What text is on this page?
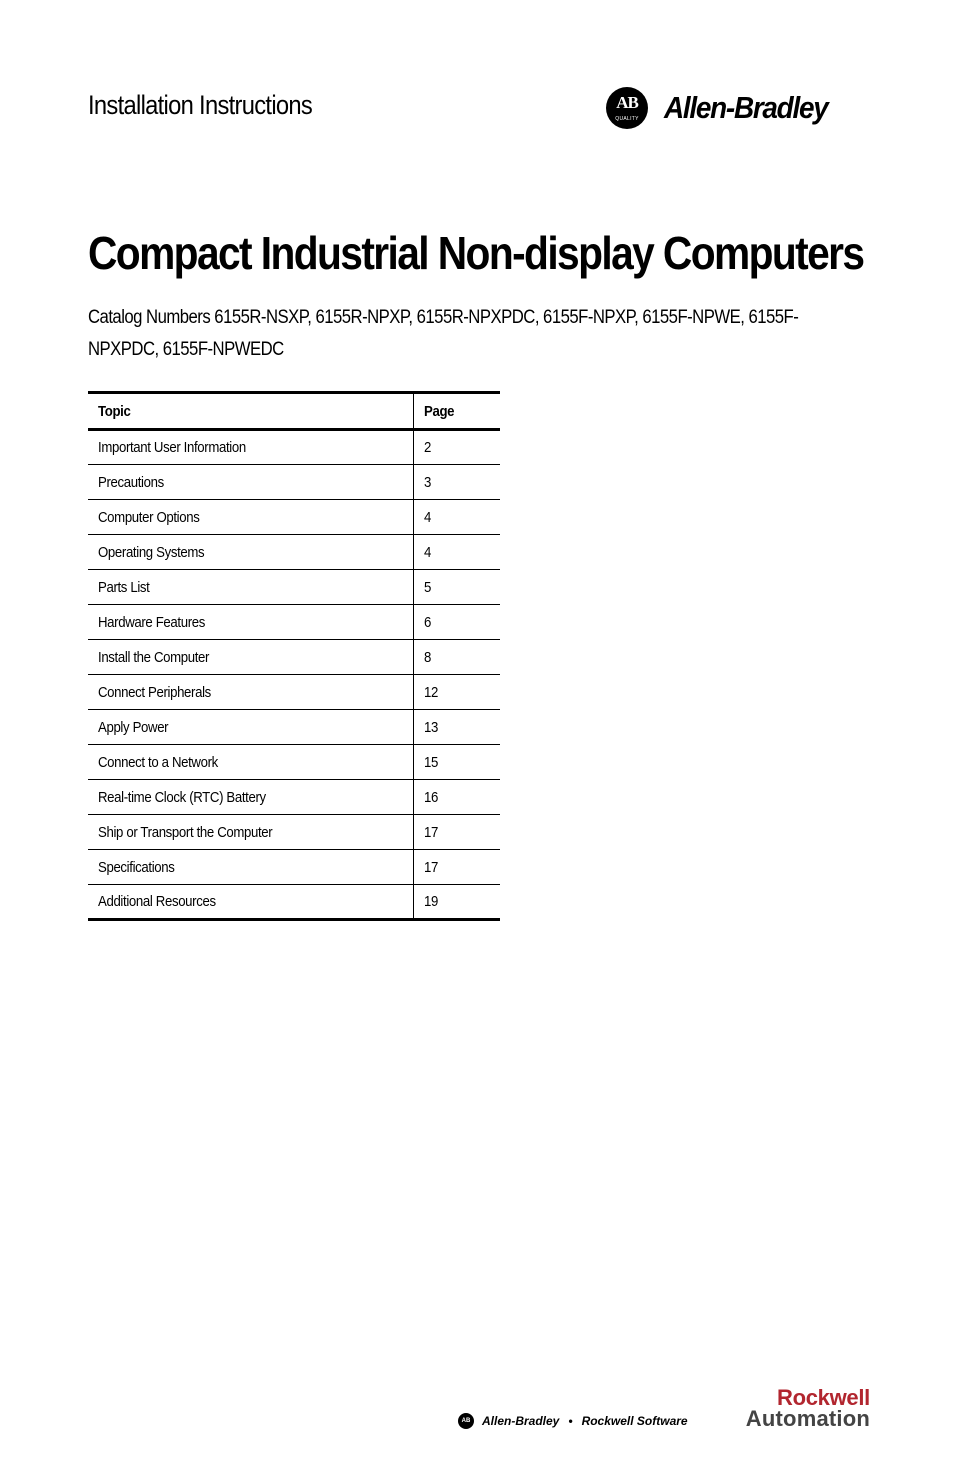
Installation Instructions	AB
QUALITY Allen-Bradley
Compact Industrial Non-display Computers
Catalog Numbers 6155R-NSXP, 6155R-NPXP, 6155R-NPXPDC, 6155F-NPXP, 6155F-NPWE, 6155F-NPXPDC, 6155F-NPWEDC
Topic	Page
Important User Information	2
Precautions	3
Computer Options	4
Operating Systems	4
Parts List	5
Hardware Features	6
Install the Computer	8
Connect Peripherals	12
Apply Power	13
Connect to a Network	15
Real-time Clock (RTC) Battery	16
Ship or Transport the Computer	17
Specifications	17
Additional Resources	19
AB Allen-Bradley • Rockwell Software
Rockwell
Automation
